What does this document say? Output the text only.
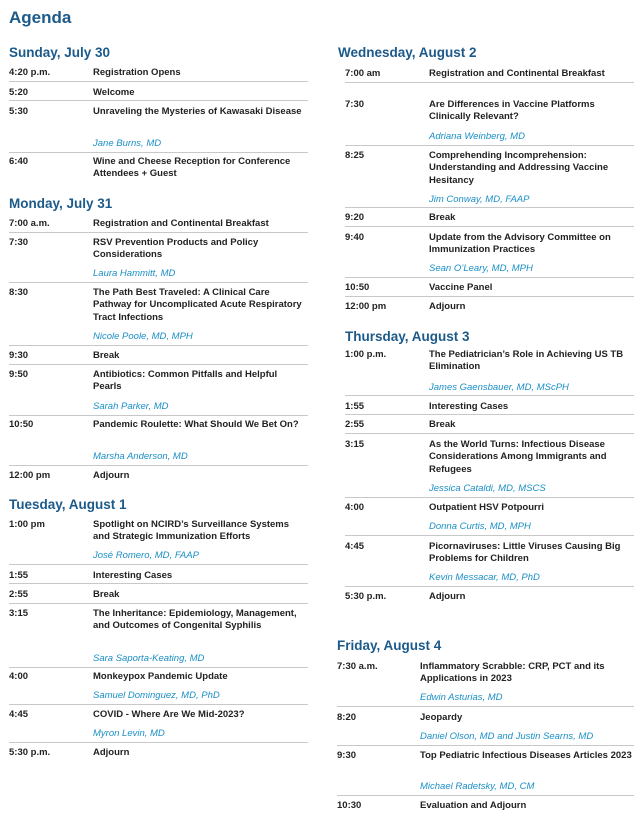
Agenda
Sunday, July 30
4:20 p.m.	Registration Opens
5:20	Welcome
5:30	Unraveling the Mysteries of Kawasaki Disease
Jane Burns, MD
6:40	Wine and Cheese Reception for Conference Attendees + Guest
Monday, July 31
7:00 a.m.	Registration and Continental Breakfast
7:30	RSV Prevention Products and Policy Considerations
Laura Hammitt, MD
8:30	The Path Best Traveled: A Clinical Care Pathway for Uncomplicated Acute Respiratory Tract Infections
Nicole Poole, MD, MPH
9:30	Break
9:50	Antibiotics: Common Pitfalls and Helpful Pearls
Sarah Parker, MD
10:50	Pandemic Roulette: What Should We Bet On?
Marsha Anderson, MD
12:00 pm	Adjourn
Tuesday, August 1
1:00 pm	Spotlight on NCIRD’s Surveillance Systems and Strategic Immunization Efforts
José Romero, MD, FAAP
1:55	Interesting Cases
2:55	Break
3:15	The Inheritance: Epidemiology, Management, and Outcomes of Congenital Syphilis
Sara Saporta-Keating, MD
4:00	Monkeypox Pandemic Update
Samuel Dominguez, MD, PhD
4:45	COVID - Where Are We Mid-2023?
Myron Levin, MD
5:30 p.m.	Adjourn
Wednesday, August 2
7:00 am	Registration and Continental Breakfast
7:30	Are Differences in Vaccine Platforms Clinically Relevant?
Adriana Weinberg, MD
8:25	Comprehending Incomprehension: Understanding and Addressing Vaccine Hesitancy
Jim Conway, MD, FAAP
9:20	Break
9:40	Update from the Advisory Committee on Immunization Practices
Sean O’Leary, MD, MPH
10:50	Vaccine Panel
12:00 pm	Adjourn
Thursday, August 3
1:00 p.m.	The Pediatrician’s Role in Achieving US TB Elimination
James Gaensbauer, MD, MScPH
1:55	Interesting Cases
2:55	Break
3:15	As the World Turns: Infectious Disease Considerations Among Immigrants and Refugees
Jessica Cataldi, MD, MSCS
4:00	Outpatient HSV Potpourri
Donna Curtis, MD, MPH
4:45	Picornaviruses: Little Viruses Causing Big Problems for Children
Kevin Messacar, MD, PhD
5:30 p.m.	Adjourn
Friday, August 4
7:30 a.m.	Inflammatory Scrabble: CRP, PCT and its Applications in 2023
Edwin Asturias, MD
8:20	Jeopardy
Daniel Olson, MD and Justin Searns, MD
9:30	Top Pediatric Infectious Diseases Articles 2023
Michael Radetsky, MD, CM
10:30	Evaluation and Adjourn
